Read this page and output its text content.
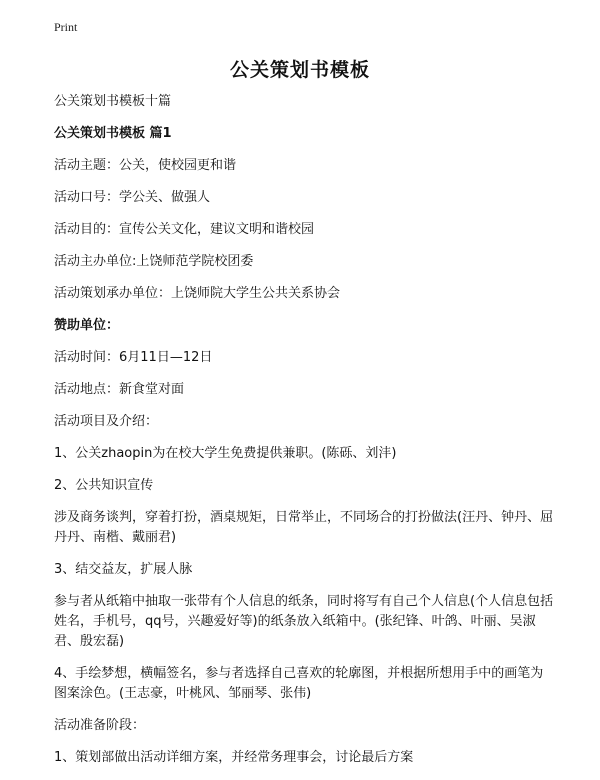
Print
公关策划书模板

公关策划书模板十篇

公关策划书模板 篇1

活动主题：公关，使校园更和谐

活动口号：学公关、做强人

活动目的：宣传公关文化，建议文明和谐校园

活动主办单位:上饶师范学院校团委

活动策划承办单位：上饶师院大学生公共关系协会

赞助单位：

活动时间：6月11日—12日

活动地点：新食堂对面

活动项目及介绍：

1、公关zhaopin为在校大学生免费提供兼职。(陈砾、刘沣)

2、公共知识宣传

涉及商务谈判，穿着打扮，酒桌规矩，日常举止，不同场合的打扮做法(汪丹、钟丹、屈丹丹、南楷、戴丽君)

3、结交益友，扩展人脉

参与者从纸箱中抽取一张带有个人信息的纸条，同时将写有自己个人信息(个人信息包括姓名，手机号，qq号，兴趣爱好等)的纸条放入纸箱中。(张纪锋、叶鸽、叶丽、吴淑君、殷宏磊)

4、手绘梦想，横幅签名，参与者选择自己喜欢的轮廓图，并根据所想用手中的画笔为图案涂色。(王志豪，叶桃风、邹丽琴、张伟)

活动准备阶段：

1、策划部做出活动详细方案，并经常务理事会，讨论最后方案
